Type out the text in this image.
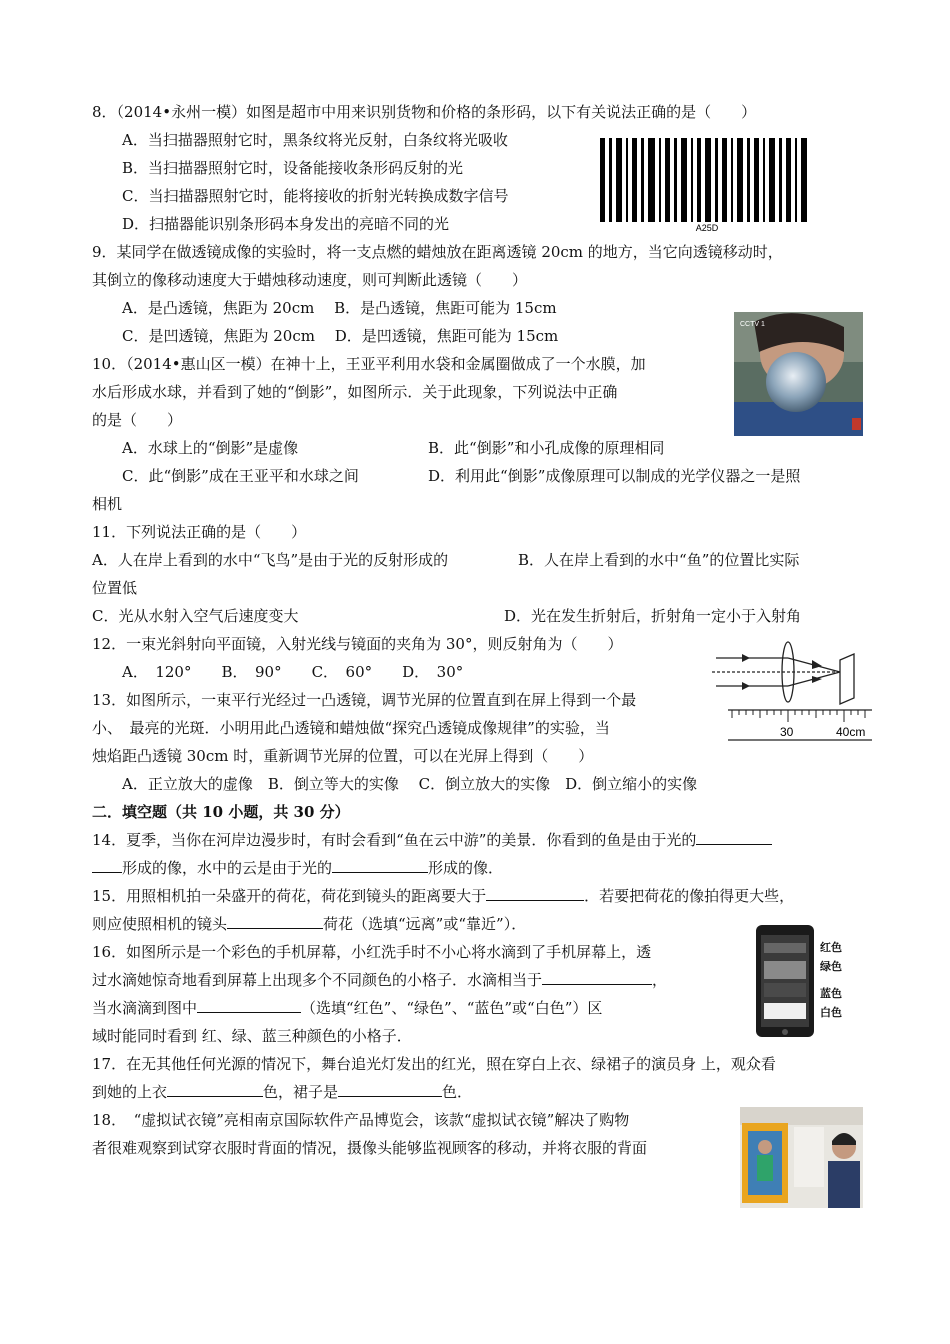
8．（2014•永州一模）如图是超市中用来识别货物和价格的条形码，以下有关说法正确的是（　　）
A．当扫描器照射它时，黑条纹将光反射，白条纹将光吸收
B．当扫描器照射它时，设备能接收条形码反射的光
C．当扫描器照射它时，能将接收的折射光转换成数字信号
D．扫描器能识别条形码本身发出的亮暗不同的光	A25D
9．某同学在做透镜成像的实验时，将一支点燃的蜡烛放在距离透镜 20cm 的地方，当它向透镜移动时，
其倒立的像移动速度大于蜡烛移动速度，则可判断此透镜（　　）
A．是凸透镜，焦距为 20cm　 B．是凸透镜，焦距可能为 15cm
C．是凹透镜，焦距为 20cm　 D．是凹透镜，焦距可能为 15cm
CCTV 1
10．（2014•惠山区一模）在神十上，王亚平利用水袋和金属圈做成了一个水膜，加
水后形成水球，并看到了她的“倒影”，如图所示．关于此现象，下列说法中正确
的是（　　）
A．水球上的“倒影”是虚像	B．此“倒影”和小孔成像的原理相同
C．此“倒影”成在王亚平和水球之间	D．利用此“倒影”成像原理可以制成的光学仪器之一是照
相机
11．下列说法正确的是（　　）
A．人在岸上看到的水中“飞鸟”是由于光的反射形成的	B．人在岸上看到的水中“鱼”的位置比实际
位置低
C．光从水射入空气后速度变大	D．光在发生折射后，折射角一定小于入射角
12．一束光斜射向平面镜，入射光线与镜面的夹角为 30°，则反射角为（　　）
A．　120°　　B．　90°　　C．　60°　　D．　30°
30	40cm
13．如图所示，一束平行光经过一凸透镜，调节光屏的位置直到在屏上得到一个最
小、　最亮的光斑．小明用此凸透镜和蜡烛做“探究凸透镜成像规律”的实验，当
烛焰距凸透镜 30cm 时，重新调节光屏的位置，可以在光屏上得到（　　）
A．正立放大的虚像　B．倒立等大的实像　 C．倒立放大的实像　D．倒立缩小的实像
二．填空题（共 10 小题，共 30 分）
14．夏季，当你在河岸边漫步时，有时会看到“鱼在云中游”的美景．你看到的鱼是由于光的
形成的像，水中的云是由于光的	形成的像．
15．用照相机拍一朵盛开的荷花，荷花到镜头的距离要大于	．若要把荷花的像拍得更大些，
则应使照相机的镜头	荷花（选填“远离”或“靠近”）．
红色
绿色
蓝色
白色
16．如图所示是一个彩色的手机屏幕，小红洗手时不小心将水滴到了手机屏幕上，透
过水滴她惊奇地看到屏幕上出现多个不同颜色的小格子．水滴相当于	，
当水滴滴到图中	（选填“红色”、“绿色”、“蓝色”或“白色”）区
域时能同时看到 红、绿、蓝三种颜色的小格子．
17．在无其他任何光源的情况下，舞台追光灯发出的红光，照在穿白上衣、绿裙子的演员身 上，观众看
到她的上衣	色，裙子是	色．
18．　“虚拟试衣镜”亮相南京国际软件产品博览会，该款“虚拟试衣镜”解决了购物
者很难观察到试穿衣服时背面的情况，摄像头能够监视顾客的移动，并将衣服的背面
